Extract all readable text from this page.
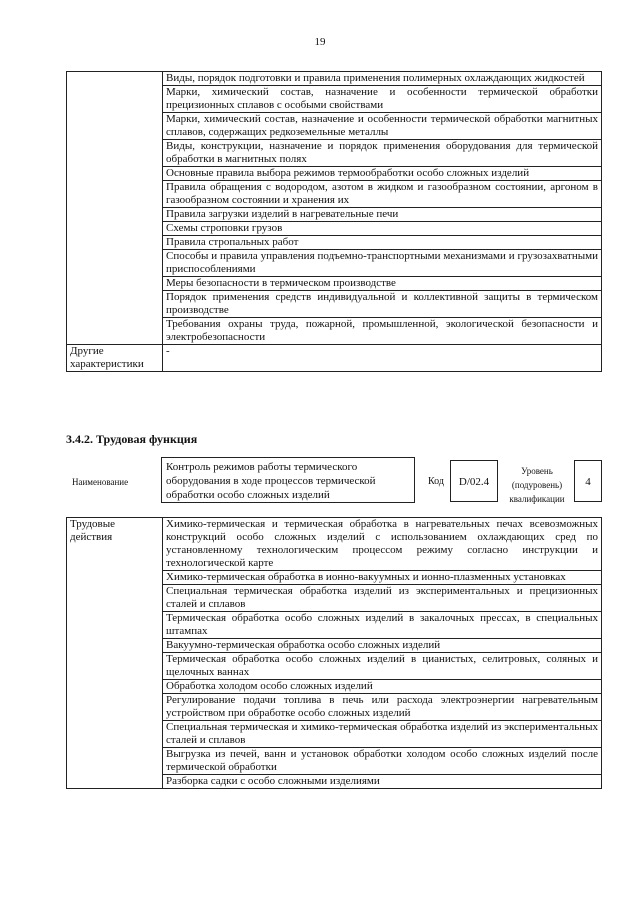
19
	Виды, порядок подготовки и правила применения полимерных охлаждающих жидкостей
	Марки, химический состав, назначение и особенности термической обработки прецизионных сплавов с особыми свойствами
	Марки, химический состав, назначение и особенности термической обработки магнитных сплавов, содержащих редкоземельные металлы
	Виды, конструкции, назначение и порядок применения оборудования для термической обработки в магнитных полях
	Основные правила выбора режимов термообработки особо сложных изделий
	Правила обращения с водородом, азотом в жидком и газообразном состоянии, аргоном в газообразном состоянии и хранения их
	Правила загрузки изделий в нагревательные печи
	Схемы строповки грузов
	Правила стропальных работ
	Способы и правила управления подъемно-транспортными механизмами и грузозахватными приспособлениями
	Меры безопасности в термическом производстве
	Порядок применения средств индивидуальной и коллективной защиты в термическом производстве
	Требования охраны труда, пожарной, промышленной, экологической безопасности и электробезопасности
Другие характеристики	-
3.4.2. Трудовая функция
Наименование
Контроль режимов работы термического оборудования в ходе процессов термической обработки особо сложных изделий
Код	D/02.4
Уровень (подуровень) квалификации
4
Трудовые действия	Химико-термическая и термическая обработка в нагревательных печах всевозможных конструкций особо сложных изделий с использованием охлаждающих сред по установленному технологическим процессом режиму согласно инструкции и технологической карте
Химико-термическая обработка в ионно-вакуумных и ионно-плазменных установках
Специальная термическая обработка изделий из экспериментальных и прецизионных сталей и сплавов
Термическая обработка особо сложных изделий в закалочных прессах, в специальных штампах
Вакуумно-термическая обработка особо сложных изделий
Термическая обработка особо сложных изделий в цианистых, селитровых, соляных и щелочных ваннах
Обработка холодом особо сложных изделий
Регулирование подачи топлива в печь или расхода электроэнергии нагревательным устройством при обработке особо сложных изделий
Специальная термическая и химико-термическая обработка изделий из экспериментальных сталей и сплавов
Выгрузка из печей, ванн и установок обработки холодом особо сложных изделий после термической обработки
Разборка садки с особо сложными изделиями
